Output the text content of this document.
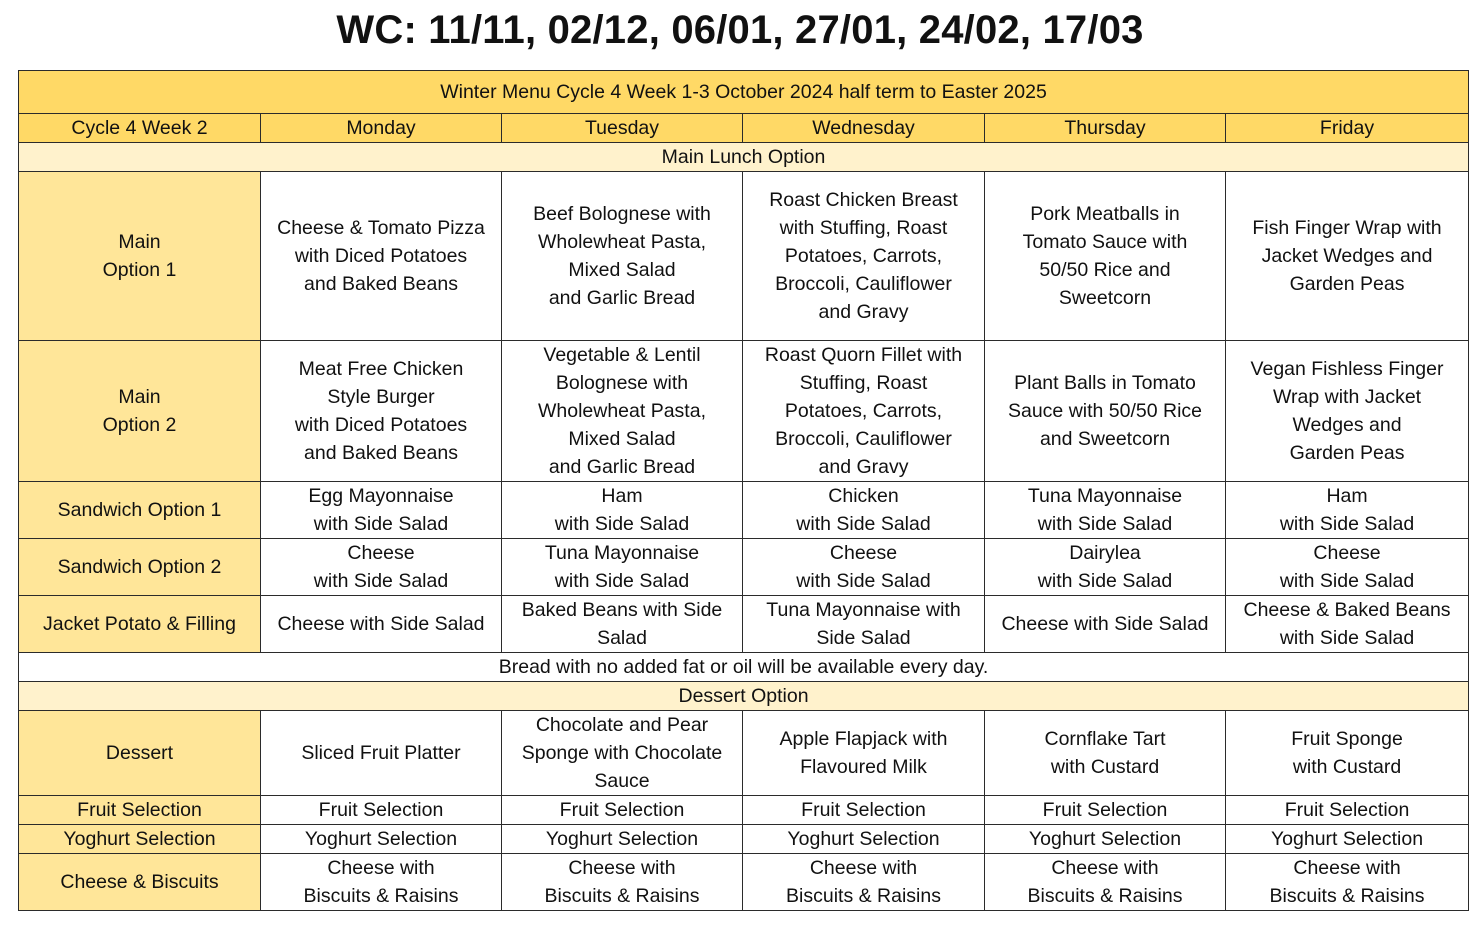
WC: 11/11, 02/12, 06/01, 27/01, 24/02, 17/03
Winter Menu Cycle 4 Week 1-3 October 2024 half term to Easter 2025					
Cycle 4 Week 2	Monday	Tuesday	Wednesday	Thursday	Friday
Main Lunch Option					
Main
Option 1	Cheese & Tomato Pizza
with Diced Potatoes
and Baked Beans	Beef Bolognese with
Wholewheat Pasta,
Mixed Salad
and Garlic Bread	Roast Chicken Breast
with Stuffing, Roast
Potatoes, Carrots,
Broccoli, Cauliflower
and Gravy	Pork Meatballs in
Tomato Sauce with
50/50 Rice and
Sweetcorn	Fish Finger Wrap with
Jacket Wedges and
Garden Peas
Main
Option 2	Meat Free Chicken
Style Burger
with Diced Potatoes
and Baked Beans	Vegetable & Lentil
Bolognese with
Wholewheat Pasta,
Mixed Salad
and Garlic Bread	Roast Quorn Fillet with
Stuffing, Roast
Potatoes, Carrots,
Broccoli, Cauliflower
and Gravy	Plant Balls in Tomato
Sauce with 50/50 Rice
and Sweetcorn	Vegan Fishless Finger
Wrap with Jacket
Wedges and
Garden Peas
Sandwich Option 1	Egg Mayonnaise
with Side Salad	Ham
with Side Salad	Chicken
with Side Salad	Tuna Mayonnaise
with Side Salad	Ham
with Side Salad
Sandwich Option 2	Cheese
with Side Salad	Tuna Mayonnaise
with Side Salad	Cheese
with Side Salad	Dairylea
with Side Salad	Cheese
with Side Salad
Jacket Potato & Filling	Cheese with Side Salad	Baked Beans with Side
Salad	Tuna Mayonnaise with
Side Salad	Cheese with Side Salad	Cheese & Baked Beans
with Side Salad
Bread with no added fat or oil will be available every day.					
Dessert Option					
Dessert	Sliced Fruit Platter	Chocolate and Pear
Sponge with Chocolate
Sauce	Apple Flapjack with
Flavoured Milk	Cornflake Tart
with Custard	Fruit Sponge
with Custard
Fruit Selection	Fruit Selection	Fruit Selection	Fruit Selection	Fruit Selection	Fruit Selection
Yoghurt Selection	Yoghurt Selection	Yoghurt Selection	Yoghurt Selection	Yoghurt Selection	Yoghurt Selection
Cheese & Biscuits	Cheese with
Biscuits & Raisins	Cheese with
Biscuits & Raisins	Cheese with
Biscuits & Raisins	Cheese with
Biscuits & Raisins	Cheese with
Biscuits & Raisins
